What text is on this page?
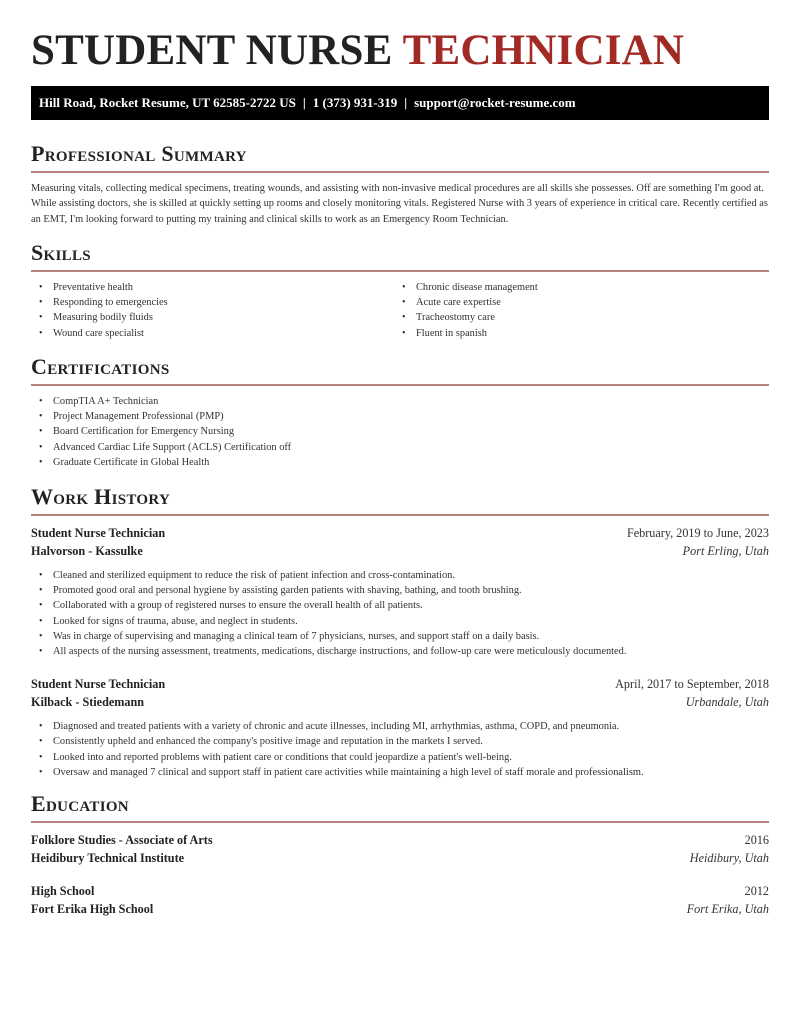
STUDENT NURSE TECHNICIAN
Hill Road, Rocket Resume, UT 62585-2722 US | 1 (373) 931-319 | support@rocket-resume.com
Professional Summary

Measuring vitals, collecting medical specimens, treating wounds, and assisting with non-invasive medical procedures are all skills she possesses. Off are something I'm good at. While assisting doctors, she is skilled at quickly setting up rooms and closely monitoring vitals. Registered Nurse with 3 years of experience in critical care. Recently certified as an EMT, I'm looking forward to putting my training and clinical skills to work as an Emergency Room Technician.

Skills
• Preventative health
• Responding to emergencies
• Measuring bodily fluids
• Wound care specialist
• Chronic disease management
• Acute care expertise
• Tracheostomy care
• Fluent in spanish
Certifications
• CompTIA A+ Technician
• Project Management Professional (PMP)
• Board Certification for Emergency Nursing
• Advanced Cardiac Life Support (ACLS) Certification off
• Graduate Certificate in Global Health
Work History
Student Nurse Technician	February, 2019 to June, 2023
Halvorson - Kassulke	Port Erling, Utah
• Cleaned and sterilized equipment to reduce the risk of patient infection and cross-contamination.
• Promoted good oral and personal hygiene by assisting garden patients with shaving, bathing, and tooth brushing.
• Collaborated with a group of registered nurses to ensure the overall health of all patients.
• Looked for signs of trauma, abuse, and neglect in students.
• Was in charge of supervising and managing a clinical team of 7 physicians, nurses, and support staff on a daily basis.
• All aspects of the nursing assessment, treatments, medications, discharge instructions, and follow-up care were meticulously documented.
Student Nurse Technician	April, 2017 to September, 2018
Kilback - Stiedemann	Urbandale, Utah
• Diagnosed and treated patients with a variety of chronic and acute illnesses, including MI, arrhythmias, asthma, COPD, and pneumonia.
• Consistently upheld and enhanced the company's positive image and reputation in the markets I served.
• Looked into and reported problems with patient care or conditions that could jeopardize a patient's well-being.
• Oversaw and managed 7 clinical and support staff in patient care activities while maintaining a high level of staff morale and professionalism.
Education
Folklore Studies - Associate of Arts	2016
Heidibury Technical Institute	Heidibury, Utah
High School	2012
Fort Erika High School	Fort Erika, Utah
